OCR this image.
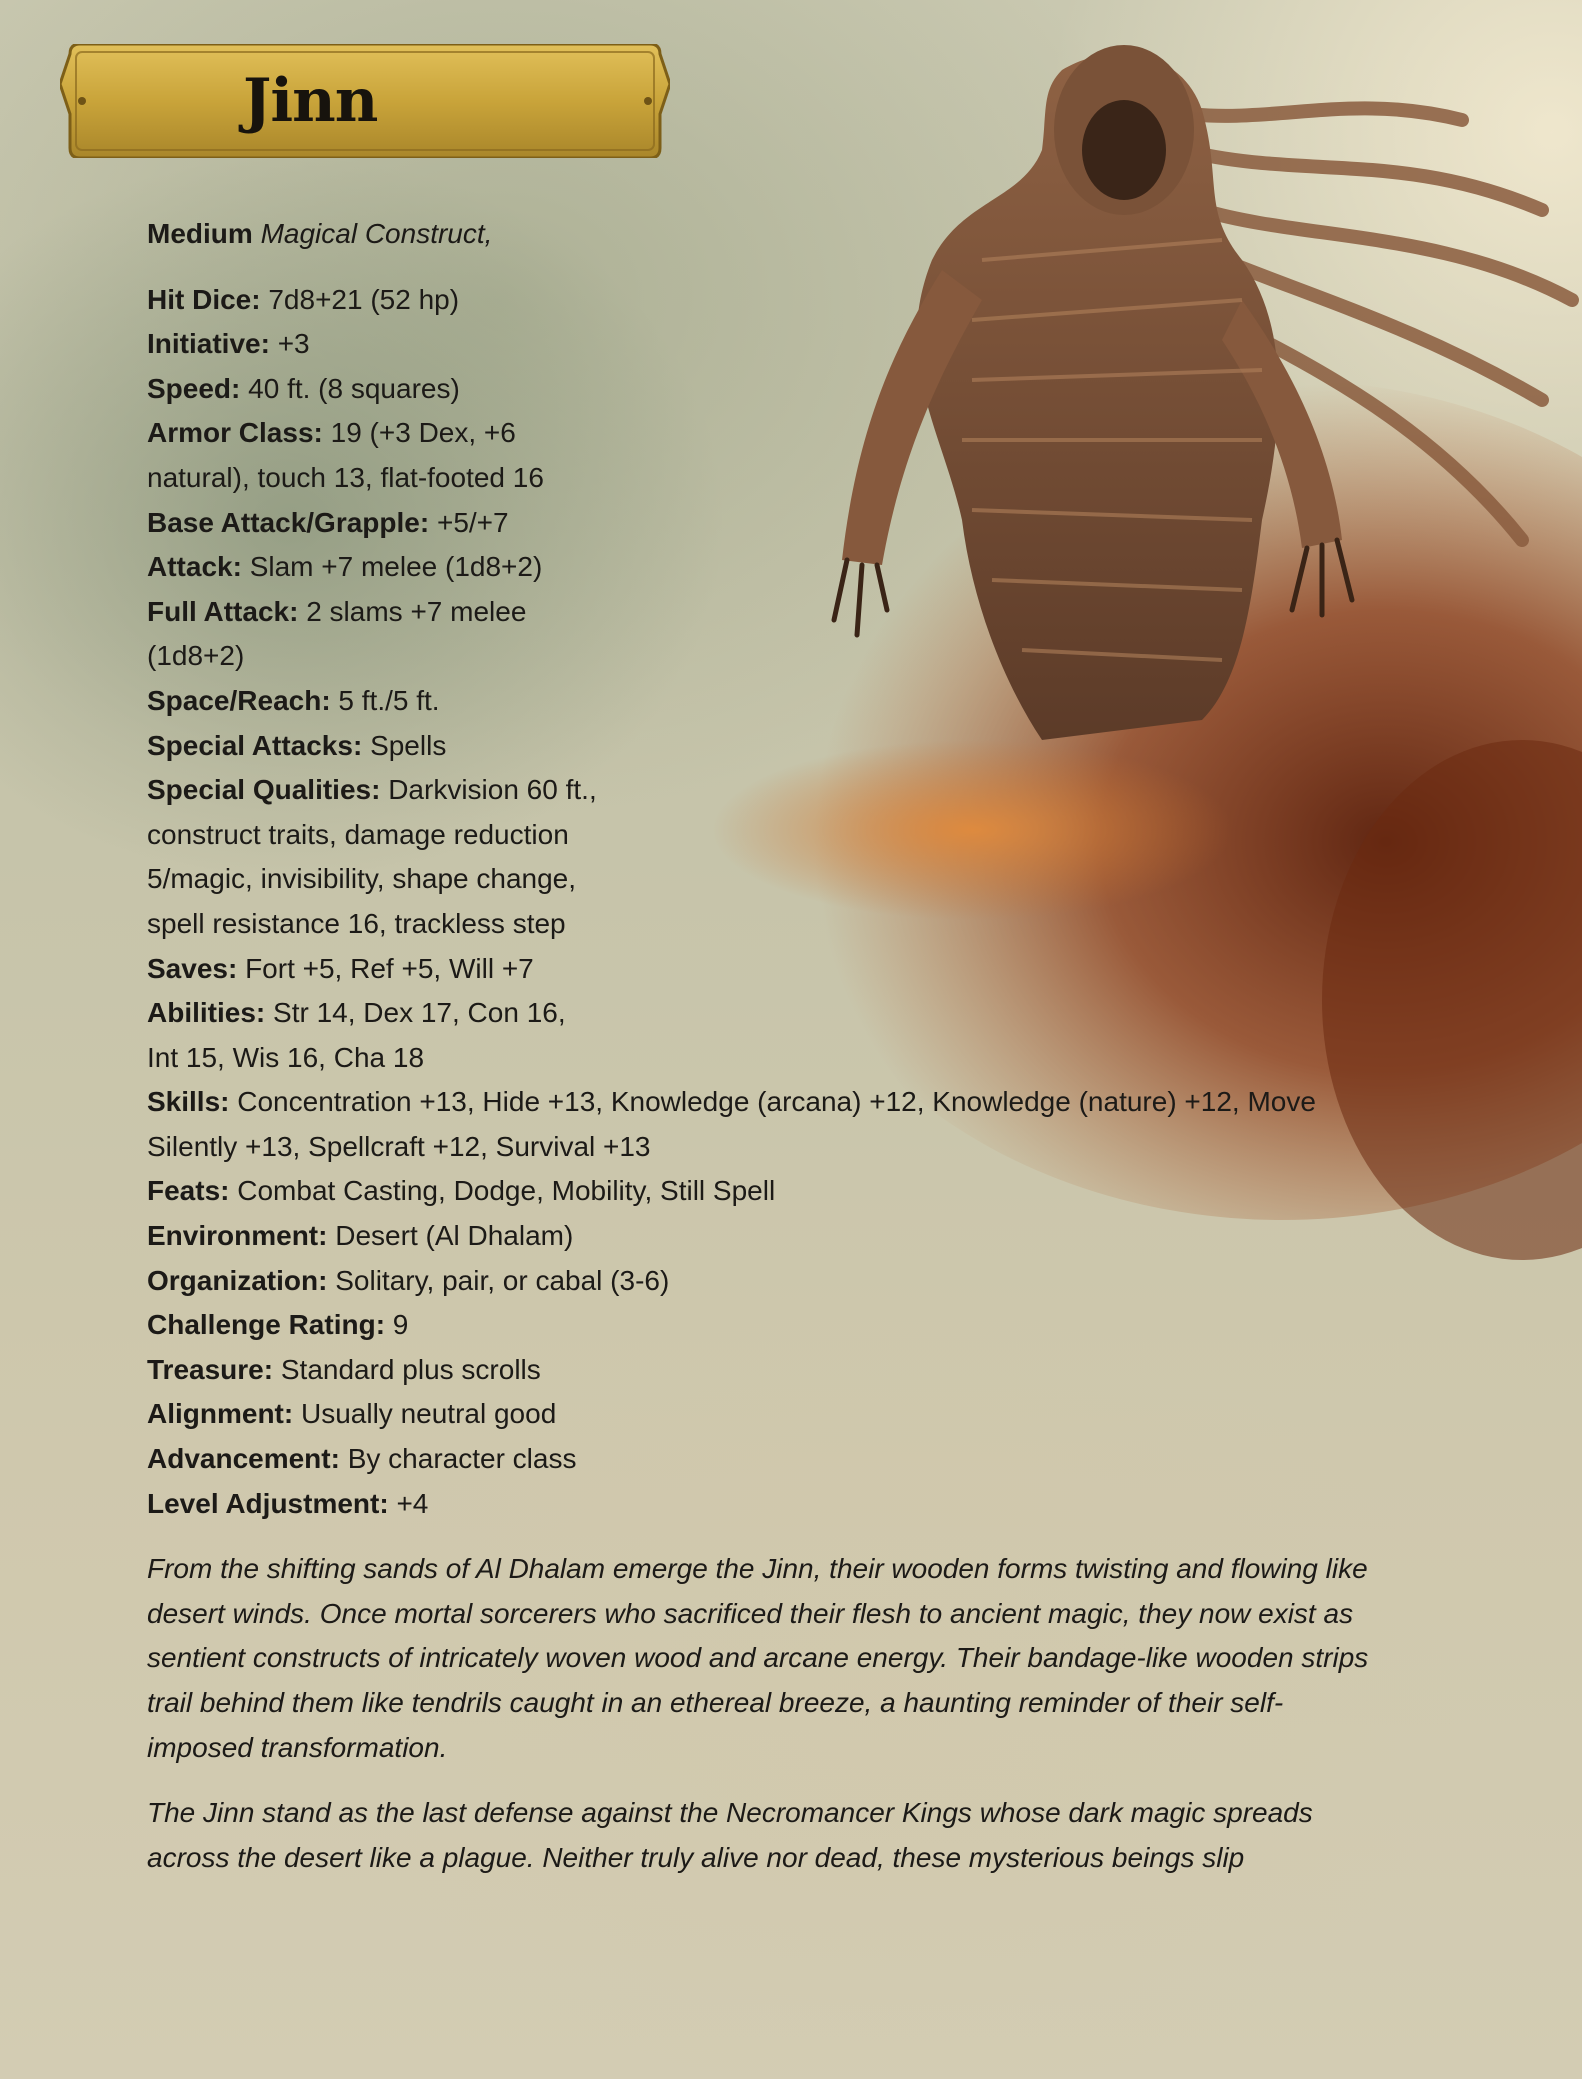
Jinn

Medium Magical Construct,

Hit Dice: 7d8+21 (52 hp)

Initiative: +3

Speed: 40 ft. (8 squares)

Armor Class: 19 (+3 Dex, +6 natural), touch 13, flat-footed 16

Base Attack/Grapple: +5/+7

Attack: Slam +7 melee (1d8+2)

Full Attack: 2 slams +7 melee (1d8+2)

Space/Reach: 5 ft./5 ft.

Special Attacks: Spells

Special Qualities: Darkvision 60 ft., construct traits, damage reduction 5/magic, invisibility, shape change, spell resistance 16, trackless step

Saves: Fort +5, Ref +5, Will +7

Abilities: Str 14, Dex 17, Con 16, Int 15, Wis 16, Cha 18

Skills: Concentration +13, Hide +13, Knowledge (arcana) +12, Knowledge (nature) +12, Move Silently +13, Spellcraft +12, Survival +13

Feats: Combat Casting, Dodge, Mobility, Still Spell

Environment: Desert (Al Dhalam)

Organization: Solitary, pair, or cabal (3-6)

Challenge Rating: 9

Treasure: Standard plus scrolls

Alignment: Usually neutral good

Advancement: By character class

Level Adjustment: +4

From the shifting sands of Al Dhalam emerge the Jinn, their wooden forms twisting and flowing like desert winds. Once mortal sorcerers who sacrificed their flesh to ancient magic, they now exist as sentient constructs of intricately woven wood and arcane energy. Their bandage-like wooden strips trail behind them like tendrils caught in an ethereal breeze, a haunting reminder of their self-imposed transformation.

The Jinn stand as the last defense against the Necromancer Kings whose dark magic spreads across the desert like a plague. Neither truly alive nor dead, these mysterious beings slip
